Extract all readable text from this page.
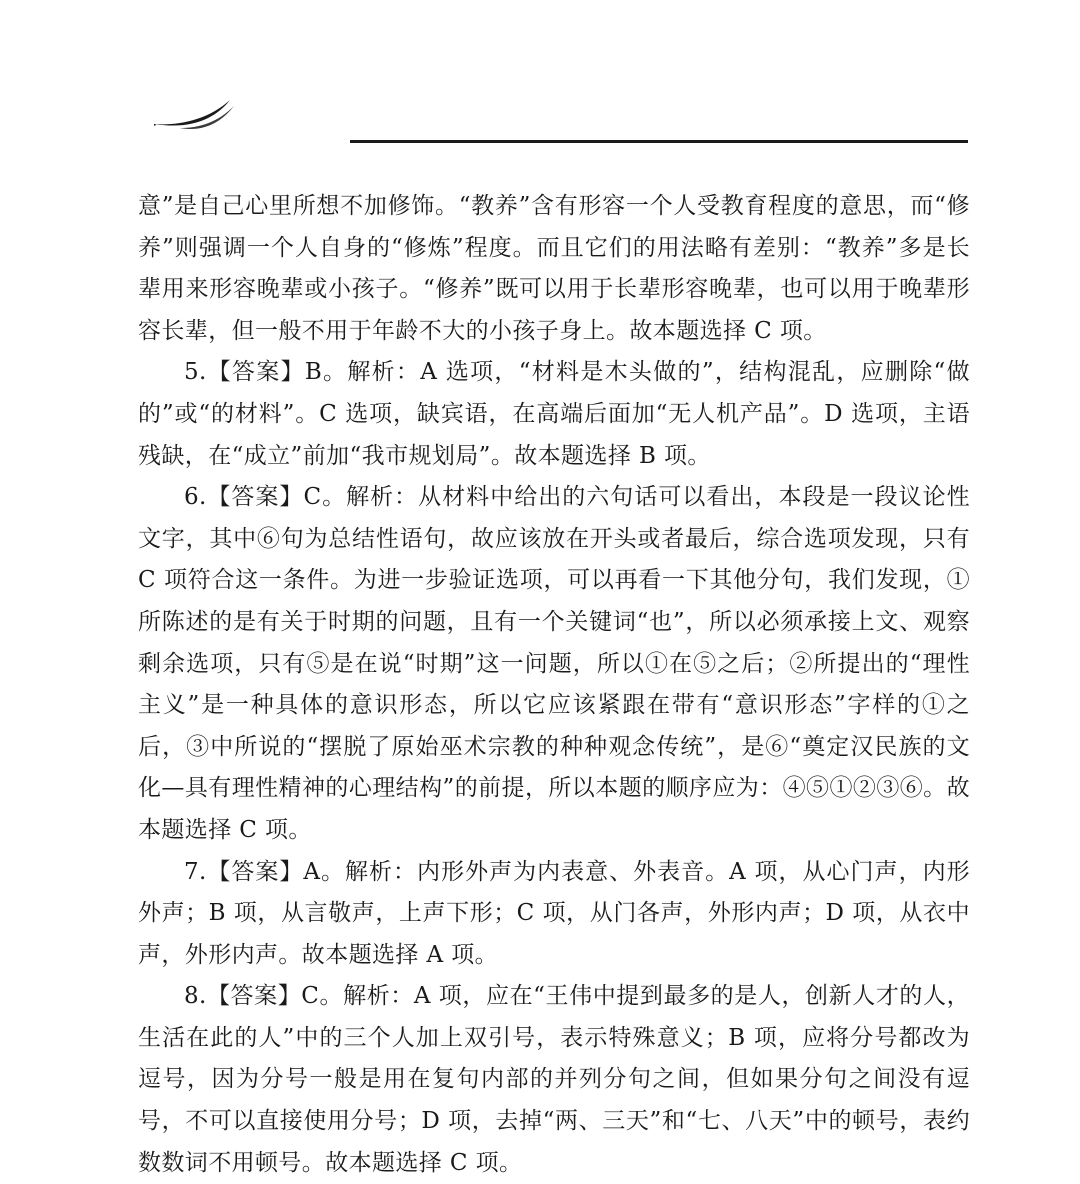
意”是自己心里所想不加修饰。“教养”含有形容一个人受教育程度的意思，而“修养”则强调一个人自身的“修炼”程度。而且它们的用法略有差别：“教养”多是长辈用来形容晚辈或小孩子。“修养”既可以用于长辈形容晚辈，也可以用于晚辈形容长辈，但一般不用于年龄不大的小孩子身上。故本题选择 C 项。

5.【答案】B。解析：A 选项，“材料是木头做的”，结构混乱，应删除“做的”或“的材料”。C 选项，缺宾语，在高端后面加“无人机产品”。D 选项，主语残缺，在“成立”前加“我市规划局”。故本题选择 B 项。

6.【答案】C。解析：从材料中给出的六句话可以看出，本段是一段议论性文字，其中⑥句为总结性语句，故应该放在开头或者最后，综合选项发现，只有 C 项符合这一条件。为进一步验证选项，可以再看一下其他分句，我们发现，①所陈述的是有关于时期的问题，且有一个关键词“也”，所以必须承接上文、观察剩余选项，只有⑤是在说“时期”这一问题，所以①在⑤之后；②所提出的“理性主义”是一种具体的意识形态，所以它应该紧跟在带有“意识形态”字样的①之后，③中所说的“摆脱了原始巫术宗教的种种观念传统”，是⑥“奠定汉民族的文化—具有理性精神的心理结构”的前提，所以本题的顺序应为：④⑤①②③⑥。故本题选择 C 项。

7.【答案】A。解析：内形外声为内表意、外表音。A 项，从心门声，内形外声；B 项，从言敬声，上声下形；C 项，从门各声，外形内声；D 项，从衣中声，外形内声。故本题选择 A 项。

8.【答案】C。解析：A 项，应在“王伟中提到最多的是人，创新人才的人，生活在此的人”中的三个人加上双引号，表示特殊意义；B 项，应将分号都改为逗号，因为分号一般是用在复句内部的并列分句之间，但如果分句之间没有逗号，不可以直接使用分号；D 项，去掉“两、三天”和“七、八天”中的顿号，表约数数词不用顿号。故本题选择 C 项。
